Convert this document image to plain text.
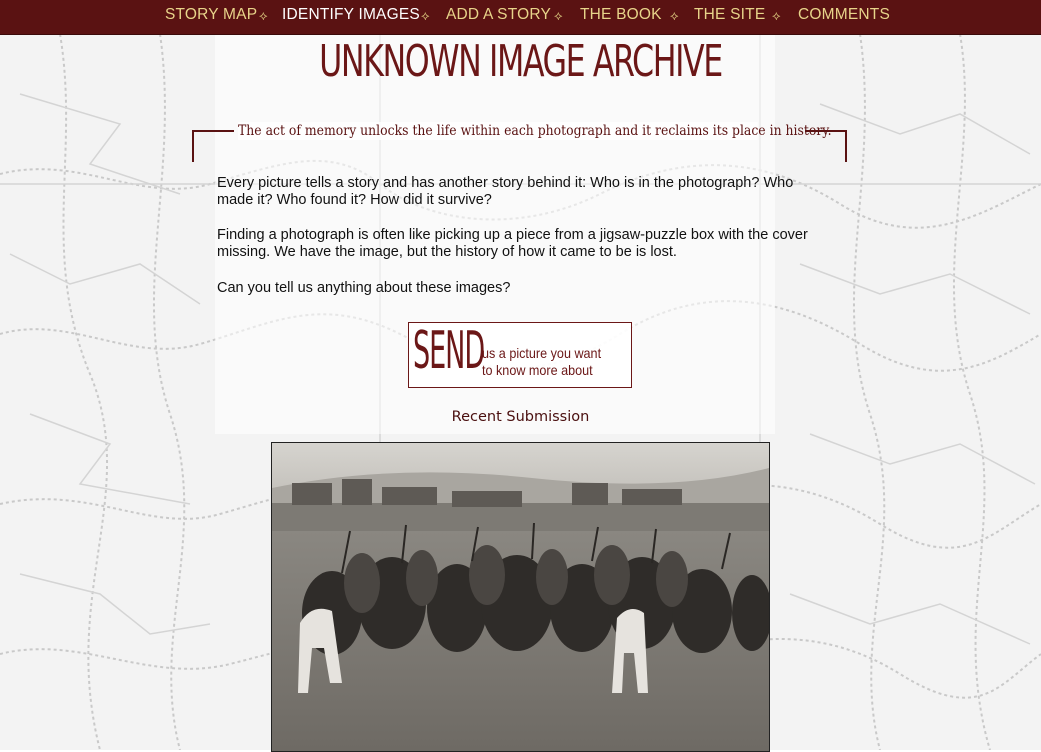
STORY MAP ⟡ IDENTIFY IMAGES ⟡ ADD A STORY ⟡ THE BOOK ⟡ THE SITE ⟡ COMMENTS
UNKNOWN IMAGE ARCHIVE
The act of memory unlocks the life within each photograph and it reclaims its place in history.
Every picture tells a story and has another story behind it: Who is in the photograph? Who made it? Who found it? How did it survive?
Finding a photograph is often like picking up a piece from a jigsaw-puzzle box with the cover missing. We have the image, but the history of how it came to be is lost.
Can you tell us anything about these images?
SEND
us a picture you want
to know more about
Recent Submission
